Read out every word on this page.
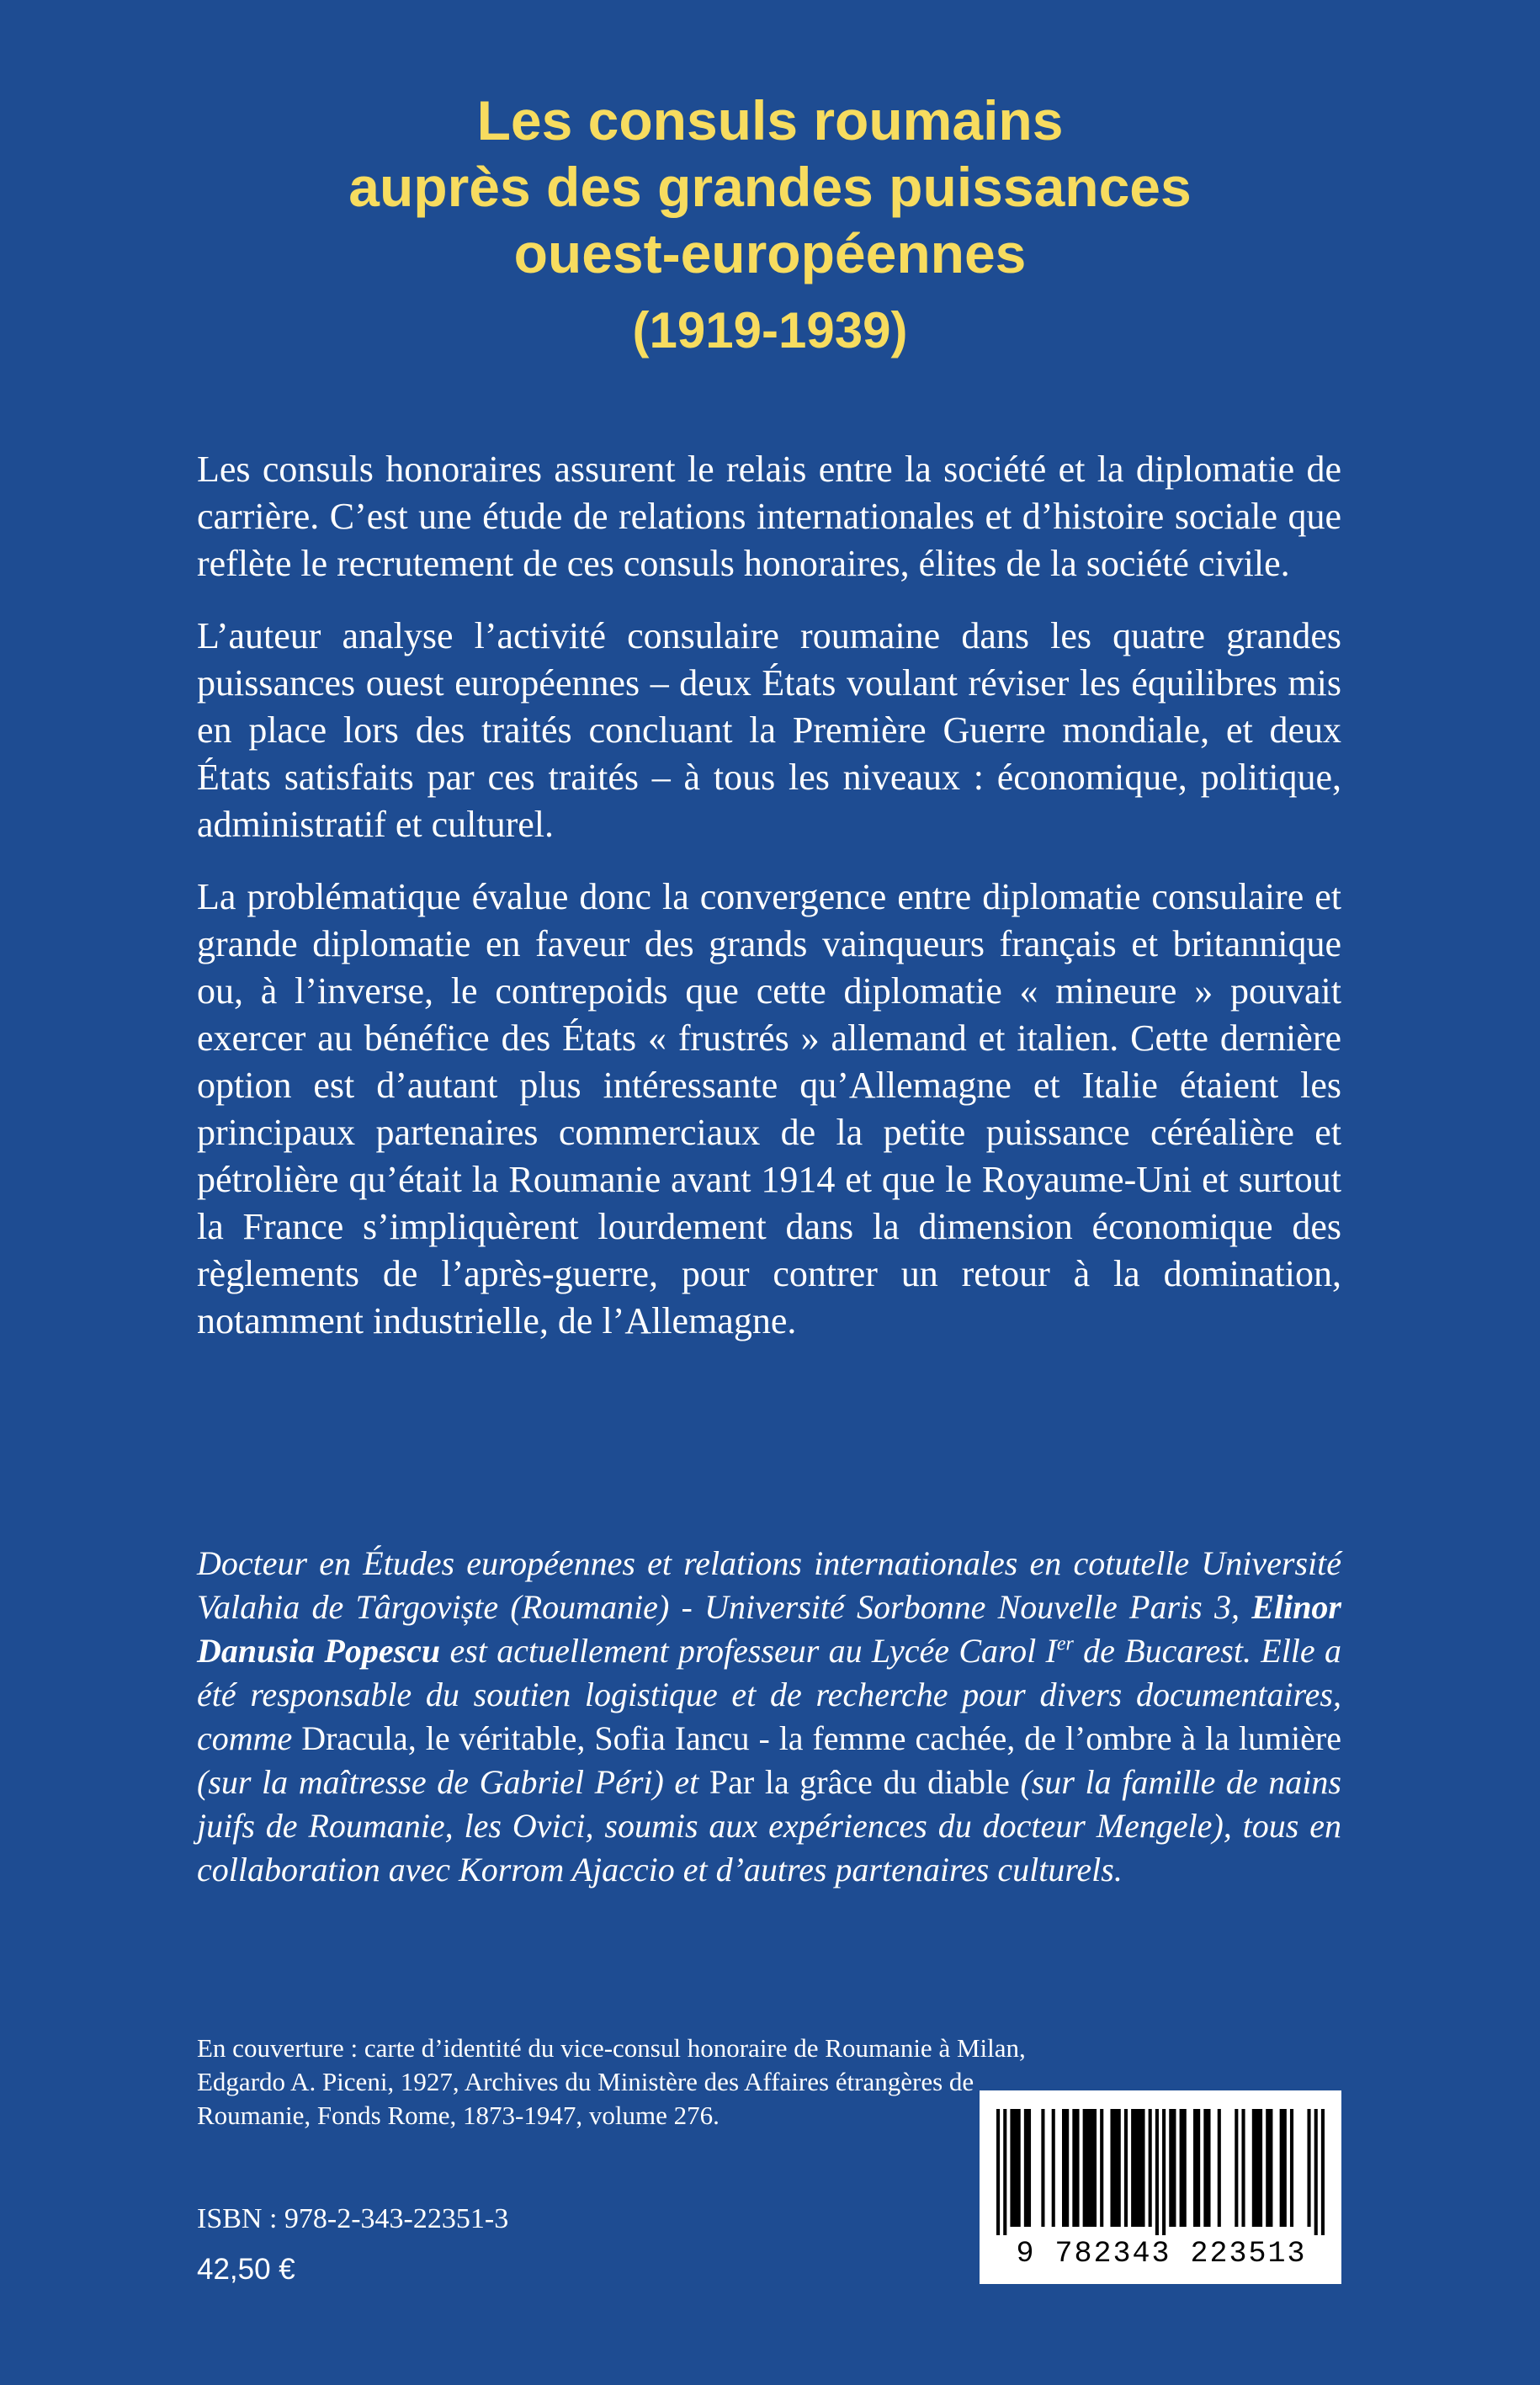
Les consuls roumains
auprès des grandes puissances
ouest-européennes
(1919-1939)

Les consuls honoraires assurent le relais entre la société et la diplomatie de carrière. C’est une étude de relations internationales et d’histoire sociale que reflète le recrutement de ces consuls honoraires, élites de la société civile.

L’auteur analyse l’activité consulaire roumaine dans les quatre grandes puissances ouest européennes – deux États voulant réviser les équilibres mis en place lors des traités concluant la Première Guerre mondiale, et deux États satisfaits par ces traités – à tous les niveaux : économique, politique, administratif et culturel.

La problématique évalue donc la convergence entre diplomatie consulaire et grande diplomatie en faveur des grands vainqueurs français et britannique ou, à l’inverse, le contrepoids que cette diplomatie « mineure » pouvait exercer au bénéfice des États « frustrés » allemand et italien. Cette dernière option est d’autant plus intéressante qu’Allemagne et Italie étaient les principaux partenaires commerciaux de la petite puissance céréalière et pétrolière qu’était la Roumanie avant 1914 et que le Royaume-Uni et surtout la France s’impliquèrent lourdement dans la dimension économique des règlements de l’après-guerre, pour contrer un retour à la domination, notamment industrielle, de l’Allemagne.

Docteur en Études européennes et relations internationales en cotutelle Université Valahia de Târgoviște (Roumanie) - Université Sorbonne Nouvelle Paris 3, Elinor Danusia Popescu est actuellement professeur au Lycée Carol Ier de Bucarest. Elle a été responsable du soutien logistique et de recherche pour divers documentaires, comme Dracula, le véritable, Sofia Iancu - la femme cachée, de l’ombre à la lumière (sur la maîtresse de Gabriel Péri) et Par la grâce du diable (sur la famille de nains juifs de Roumanie, les Ovici, soumis aux expériences du docteur Mengele), tous en collaboration avec Korrom Ajaccio et d’autres partenaires culturels.

En couverture : carte d’identité du vice-consul honoraire de Roumanie à Milan, Edgardo A. Piceni, 1927, Archives du Ministère des Affaires étrangères de Roumanie, Fonds Rome, 1873-1947, volume 276.

ISBN : 978-2-343-22351-3
42,50 €	9 782343 223513
